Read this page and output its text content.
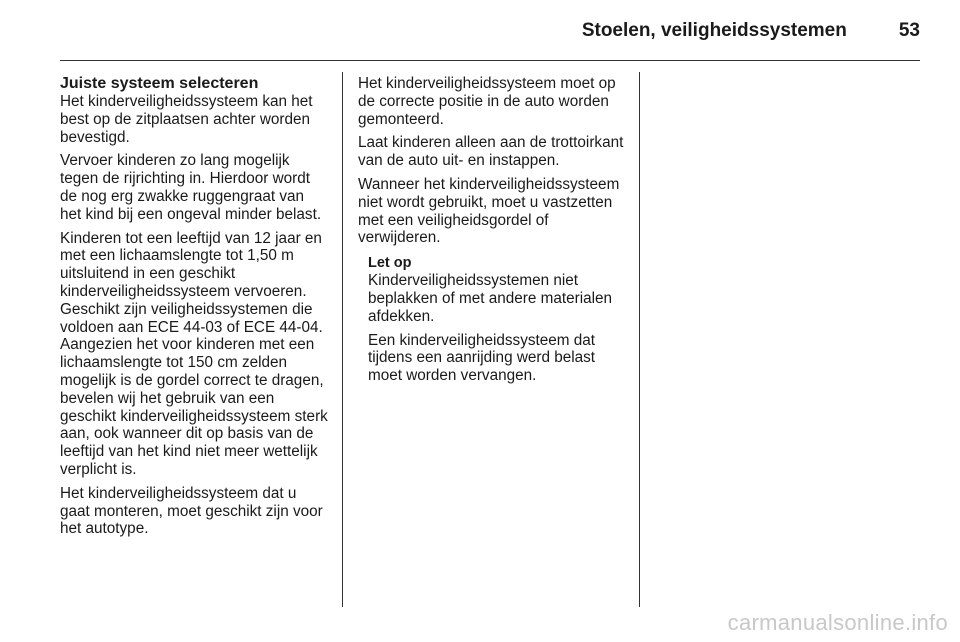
Stoelen, veiligheidssystemen	53
Juiste systeem selecteren

Het kinderveiligheidssysteem kan het best op de zitplaatsen achter worden bevestigd.

Vervoer kinderen zo lang mogelijk tegen de rijrichting in. Hierdoor wordt de nog erg zwakke ruggengraat van het kind bij een ongeval minder belast.

Kinderen tot een leeftijd van 12 jaar en met een lichaamslengte tot 1,50 m uitsluitend in een geschikt kinderveiligheidssysteem vervoeren. Geschikt zijn veiligheidssystemen die voldoen aan ECE 44-03 of ECE 44-04. Aangezien het voor kinderen met een lichaamslengte tot 150 cm zelden mogelijk is de gordel correct te dragen, bevelen wij het gebruik van een geschikt kinderveiligheidssysteem sterk aan, ook wanneer dit op basis van de leeftijd van het kind niet meer wettelijk verplicht is.

Het kinderveiligheidssysteem dat u gaat monteren, moet geschikt zijn voor het autotype.

Het kinderveiligheidssysteem moet op de correcte positie in de auto worden gemonteerd.

Laat kinderen alleen aan de trottoirkant van de auto uit- en instappen.

Wanneer het kinderveiligheidssysteem niet wordt gebruikt, moet u vastzetten met een veiligheidsgordel of verwijderen.

Let op

Kinderveiligheidssystemen niet beplakken of met andere materialen afdekken.

Een kinderveiligheidssysteem dat tijdens een aanrijding werd belast moet worden vervangen.

carmanualsonline.info
